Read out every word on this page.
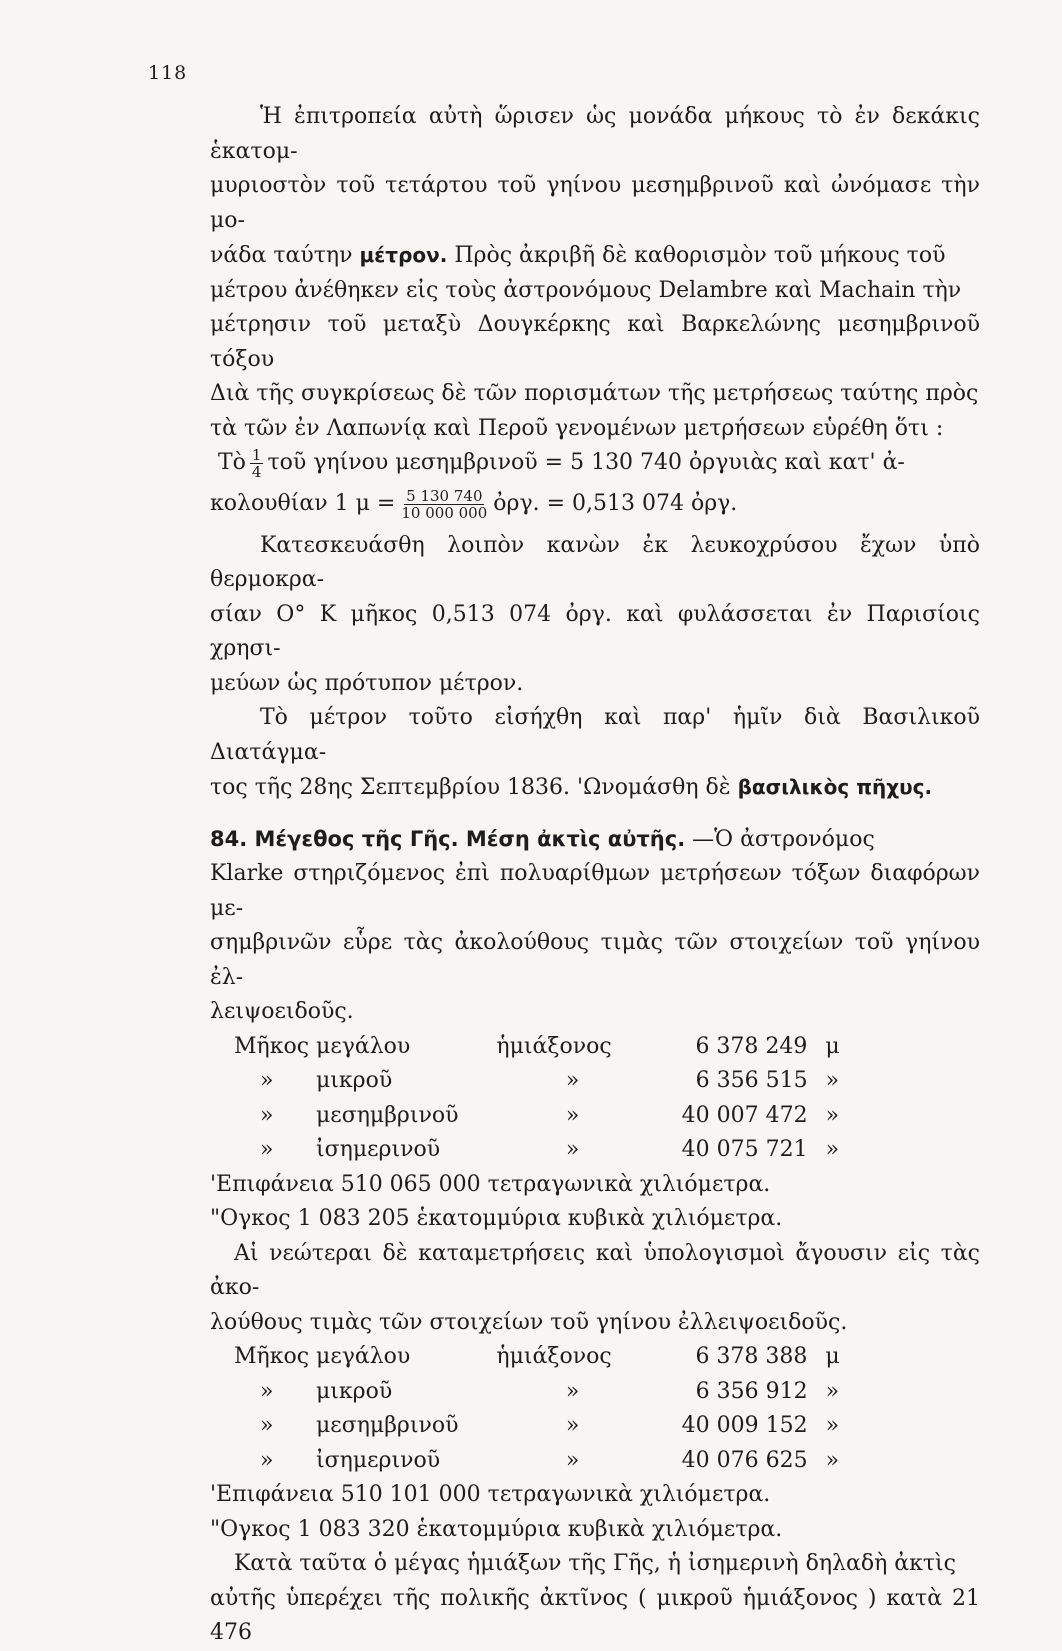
118
Ἡ ἐπιτροπεία αὐτὴ ὥρισεν ὡς μονάδα μήκους τὸ ἐν δεκάκις ἑκατομ-
μυριοστὸν τοῦ τετάρτου τοῦ γηίνου μεσημβρινοῦ καὶ ὠνόμασε τὴν μο-
νάδα ταύτην μέτρον. Πρὸς ἀκριβῆ δὲ καθορισμὸν τοῦ μήκους τοῦ
μέτρου ἀνέθηκεν εἰς τοὺς ἀστρονόμους Delambre καὶ Machain τὴν
μέτρησιν τοῦ μεταξὺ Δουγκέρκης καὶ Βαρκελώνης μεσημβρινοῦ τόξου
Διὰ τῆς συγκρίσεως δὲ τῶν πορισμάτων τῆς μετρήσεως ταύτης πρὸς
τὰ τῶν ἐν Λαπωνίᾳ καὶ Περοῦ γενομένων μετρήσεων εὑρέθη ὅτι :
Τὸ $\frac{1}{4}$ τοῦ γηίνου μεσημβρινοῦ = 5 130 740 ὀργυιὰς καὶ κατ' ἀ-
κολουθίαν 1 $\mu = \frac{5 130 740}{10 000 000}$ ὀργ. = 0,513 074 ὀργ.
Κατεσκευάσθη λοιπὸν κανὼν ἐκ λευκοχρύσου ἔχων ὑπὸ θερμοκρα-
σίαν O° K μῆκος 0,513 074 ὀργ. καὶ φυλάσσεται ἐν Παρισίοις χρησι-
μεύων ὡς πρότυπον μέτρον.
Τὸ μέτρον τοῦτο εἰσήχθη καὶ παρ' ἡμῖν διὰ Βασιλικοῦ Διατάγμα-
τος τῆς 28ης Σεπτεμβρίου 1836. 'Ωνομάσθη δὲ βασιλικὸς πῆχυς.
84. Μέγεθος τῆς Γῆς. Μέση ἀκτὶς αὐτῆς. —Ὁ ἀστρονόμος
Klarke στηριζόμενος ἐπὶ πολυαρίθμων μετρήσεων τόξων διαφόρων με-
σημβρινῶν εὗρε τὰς ἀκολούθους τιμὰς τῶν στοιχείων τοῦ γηίνου ἐλ-
λειψοειδοῦς.
Μῆκος μεγάλου	ἡμιάξονος	6 378 249 μ
» μικροῦ	»	6 356 515 »
» μεσημβρινοῦ	»	40 007 472 »
» ἰσημερινοῦ	»	40 075 721 »
'Επιφάνεια 510 065 000 τετραγωνικὰ χιλιόμετρα.
"Ογκος 1 083 205 ἑκατομμύρια κυβικὰ χιλιόμετρα.
Αἱ νεώτεραι δὲ καταμετρήσεις καὶ ὑπολογισμοὶ ἄγουσιν εἰς τὰς ἀκο-
λούθους τιμὰς τῶν στοιχείων τοῦ γηίνου ἐλλειψοειδοῦς.
Μῆκος μεγάλου	ἡμιάξονος	6 378 388 μ
» μικροῦ	»	6 356 912 »
» μεσημβρινοῦ	»	40 009 152 »
» ἰσημερινοῦ	»	40 076 625 »
'Επιφάνεια 510 101 000 τετραγωνικὰ χιλιόμετρα.
"Ογκος 1 083 320 ἑκατομμύρια κυβικὰ χιλιόμετρα.
Κατὰ ταῦτα ὁ μέγας ἡμιάξων τῆς Γῆς, ἡ ἰσημερινὴ δηλαδὴ ἀκτὶς
αὐτῆς ὑπερέχει τῆς πολικῆς ἀκτῖνος ( μικροῦ ἡμιάξονος ) κατὰ 21 476
